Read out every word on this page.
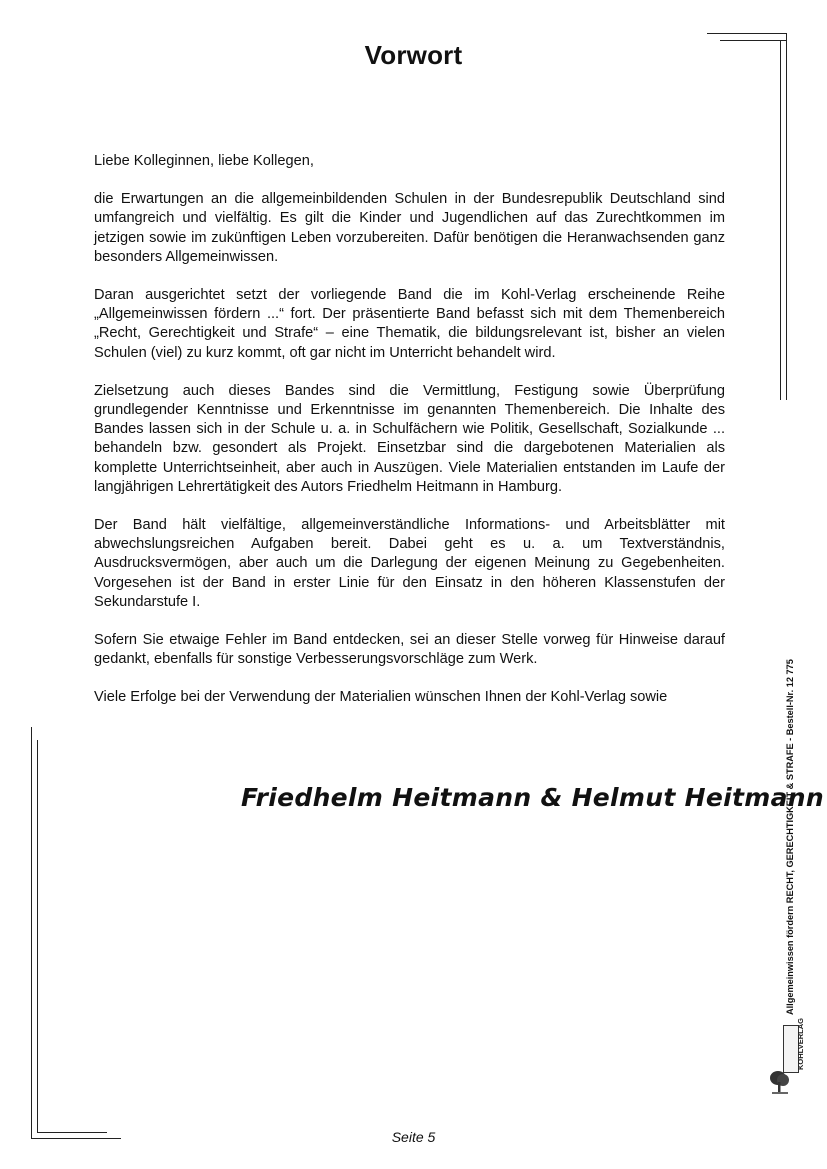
Vorwort

Liebe Kolleginnen, liebe Kollegen,

die Erwartungen an die allgemeinbildenden Schulen in der Bundesrepublik Deutschland sind umfangreich und vielfältig. Es gilt die Kinder und Jugendlichen auf das Zurechtkommen im jetzigen sowie im zukünftigen Leben vorzubereiten. Dafür benötigen die Heranwachsenden ganz besonders Allgemeinwissen.

Daran ausgerichtet setzt der vorliegende Band die im Kohl-Verlag erscheinende Reihe „Allgemeinwissen fördern ...“ fort. Der präsentierte Band befasst sich mit dem Themenbereich „Recht, Gerechtigkeit und Strafe“ – eine Thematik, die bildungsrelevant ist, bisher an vielen Schulen (viel) zu kurz kommt, oft gar nicht im Unterricht behandelt wird.

Zielsetzung auch dieses Bandes sind die Vermittlung, Festigung sowie Überprüfung grundlegender Kenntnisse und Erkenntnisse im genannten Themenbereich. Die Inhalte des Bandes lassen sich in der Schule u. a. in Schulfächern wie Politik, Gesellschaft, Sozialkunde ... behandeln bzw. gesondert als Projekt. Einsetzbar sind die dargebotenen Materialien als komplette Unterrichtseinheit, aber auch in Auszügen. Viele Materialien entstanden im Laufe der langjährigen Lehrertätigkeit des Autors Friedhelm Heitmann in Hamburg.

Der Band hält vielfältige, allgemeinverständliche Informations- und Arbeitsblätter mit abwechslungsreichen Aufgaben bereit. Dabei geht es u. a. um Textverständnis, Ausdrucksvermögen, aber auch um die Darlegung der eigenen Meinung zu Gegebenheiten. Vorgesehen ist der Band in erster Linie für den Einsatz in den höheren Klassenstufen der Sekundarstufe I.

Sofern Sie etwaige Fehler im Band entdecken, sei an dieser Stelle vorweg für Hinweise darauf gedankt, ebenfalls für sonstige Verbesserungsvorschläge zum Werk.

Viele Erfolge bei der Verwendung der Materialien wünschen Ihnen der Kohl-Verlag sowie

Friedhelm Heitmann & Helmut Heitmann
Allgemeinwissen fördern RECHT, GERECHTIGKEIT & STRAFE - Bestell-Nr. 12 775
KOHLVERLAG
Seite 5
